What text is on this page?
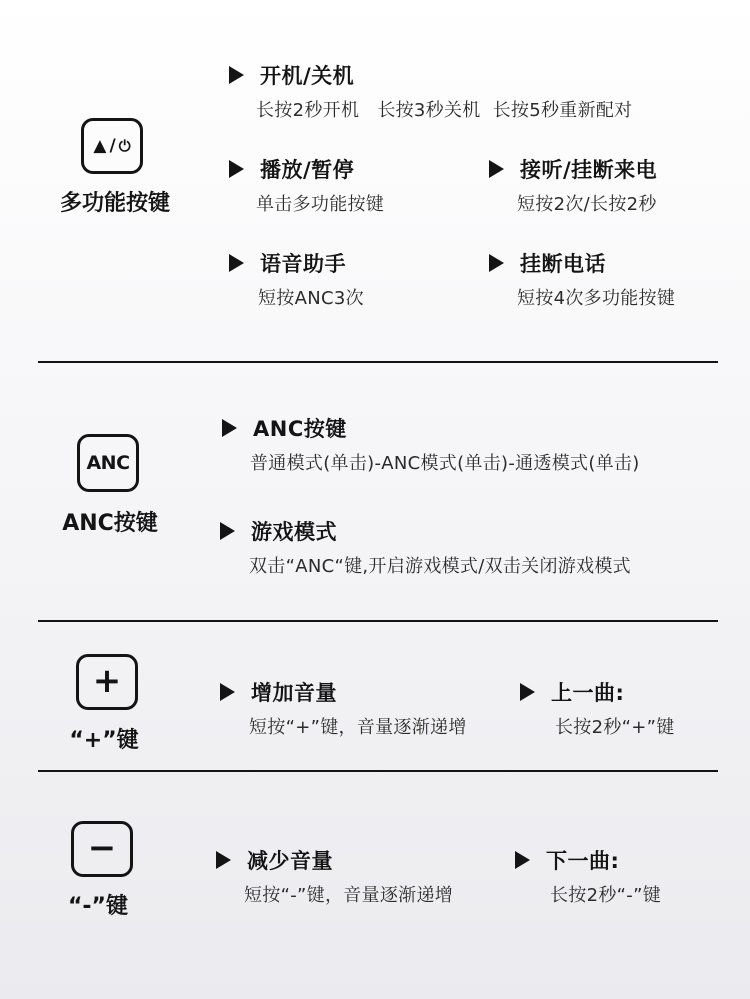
▲ / ⏻
多功能按键
开机/关机
长按2秒开机   长按3秒关机  长按5秒重新配对
播放/暂停
单击多功能按键
接听/挂断来电
短按2次/长按2秒
语音助手
短按ANC3次
挂断电话
短按4次多功能按键
ANC
ANC按键
ANC按键
普通模式(单击)-ANC模式(单击)-通透模式(单击)
游戏模式
双击“ANC“键,开启游戏模式/双击关闭游戏模式
+
“+”键
增加音量
短按“+”键，音量逐渐递增
上一曲:
长按2秒“+”键
−
“-”键
减少音量
短按“-”键，音量逐渐递增
下一曲:
长按2秒“-”键
